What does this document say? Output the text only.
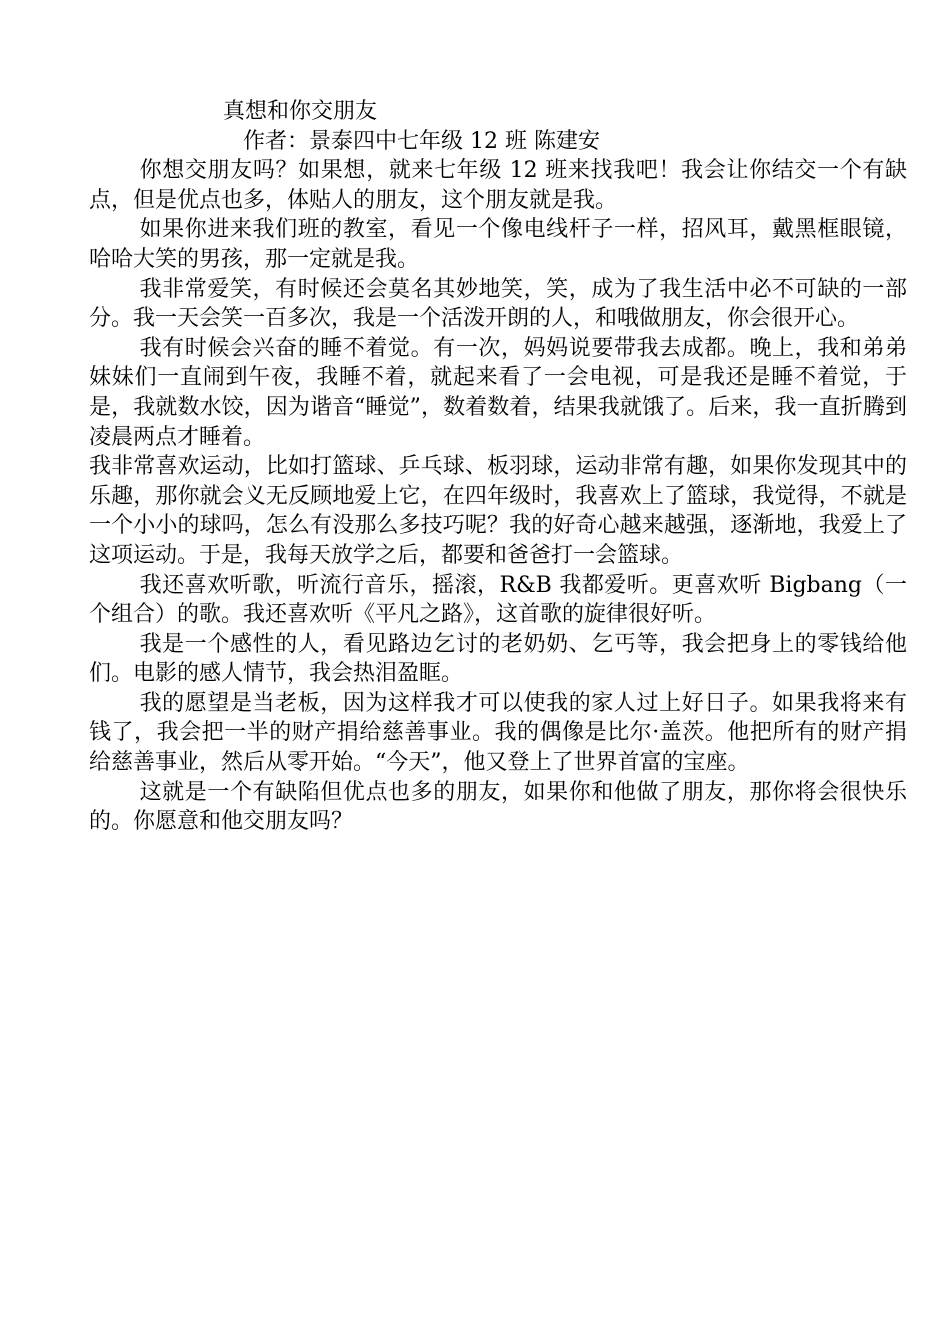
真想和你交朋友

作者：景泰四中七年级 12 班 陈建安

你想交朋友吗？如果想，就来七年级 12 班来找我吧！我会让你结交一个有缺点，但是优点也多，体贴人的朋友，这个朋友就是我。

如果你进来我们班的教室，看见一个像电线杆子一样，招风耳，戴黑框眼镜，哈哈大笑的男孩，那一定就是我。

我非常爱笑，有时候还会莫名其妙地笑，笑，成为了我生活中必不可缺的一部分。我一天会笑一百多次，我是一个活泼开朗的人，和哦做朋友，你会很开心。

我有时候会兴奋的睡不着觉。有一次，妈妈说要带我去成都。晚上，我和弟弟妹妹们一直闹到午夜，我睡不着，就起来看了一会电视，可是我还是睡不着觉，于是，我就数水饺，因为谐音“睡觉”，数着数着，结果我就饿了。后来，我一直折腾到凌晨两点才睡着。

我非常喜欢运动，比如打篮球、乒乓球、板羽球，运动非常有趣，如果你发现其中的乐趣，那你就会义无反顾地爱上它，在四年级时，我喜欢上了篮球，我觉得，不就是一个小小的球吗，怎么有没那么多技巧呢？我的好奇心越来越强，逐渐地，我爱上了这项运动。于是，我每天放学之后，都要和爸爸打一会篮球。

我还喜欢听歌，听流行音乐，摇滚，R&B 我都爱听。更喜欢听 Bigbang（一个组合）的歌。我还喜欢听《平凡之路》，这首歌的旋律很好听。

我是一个感性的人，看见路边乞讨的老奶奶、乞丐等，我会把身上的零钱给他们。电影的感人情节，我会热泪盈眶。

我的愿望是当老板，因为这样我才可以使我的家人过上好日子。如果我将来有钱了，我会把一半的财产捐给慈善事业。我的偶像是比尔·盖茨。他把所有的财产捐给慈善事业，然后从零开始。“今天”，他又登上了世界首富的宝座。

这就是一个有缺陷但优点也多的朋友，如果你和他做了朋友，那你将会很快乐的。你愿意和他交朋友吗？
